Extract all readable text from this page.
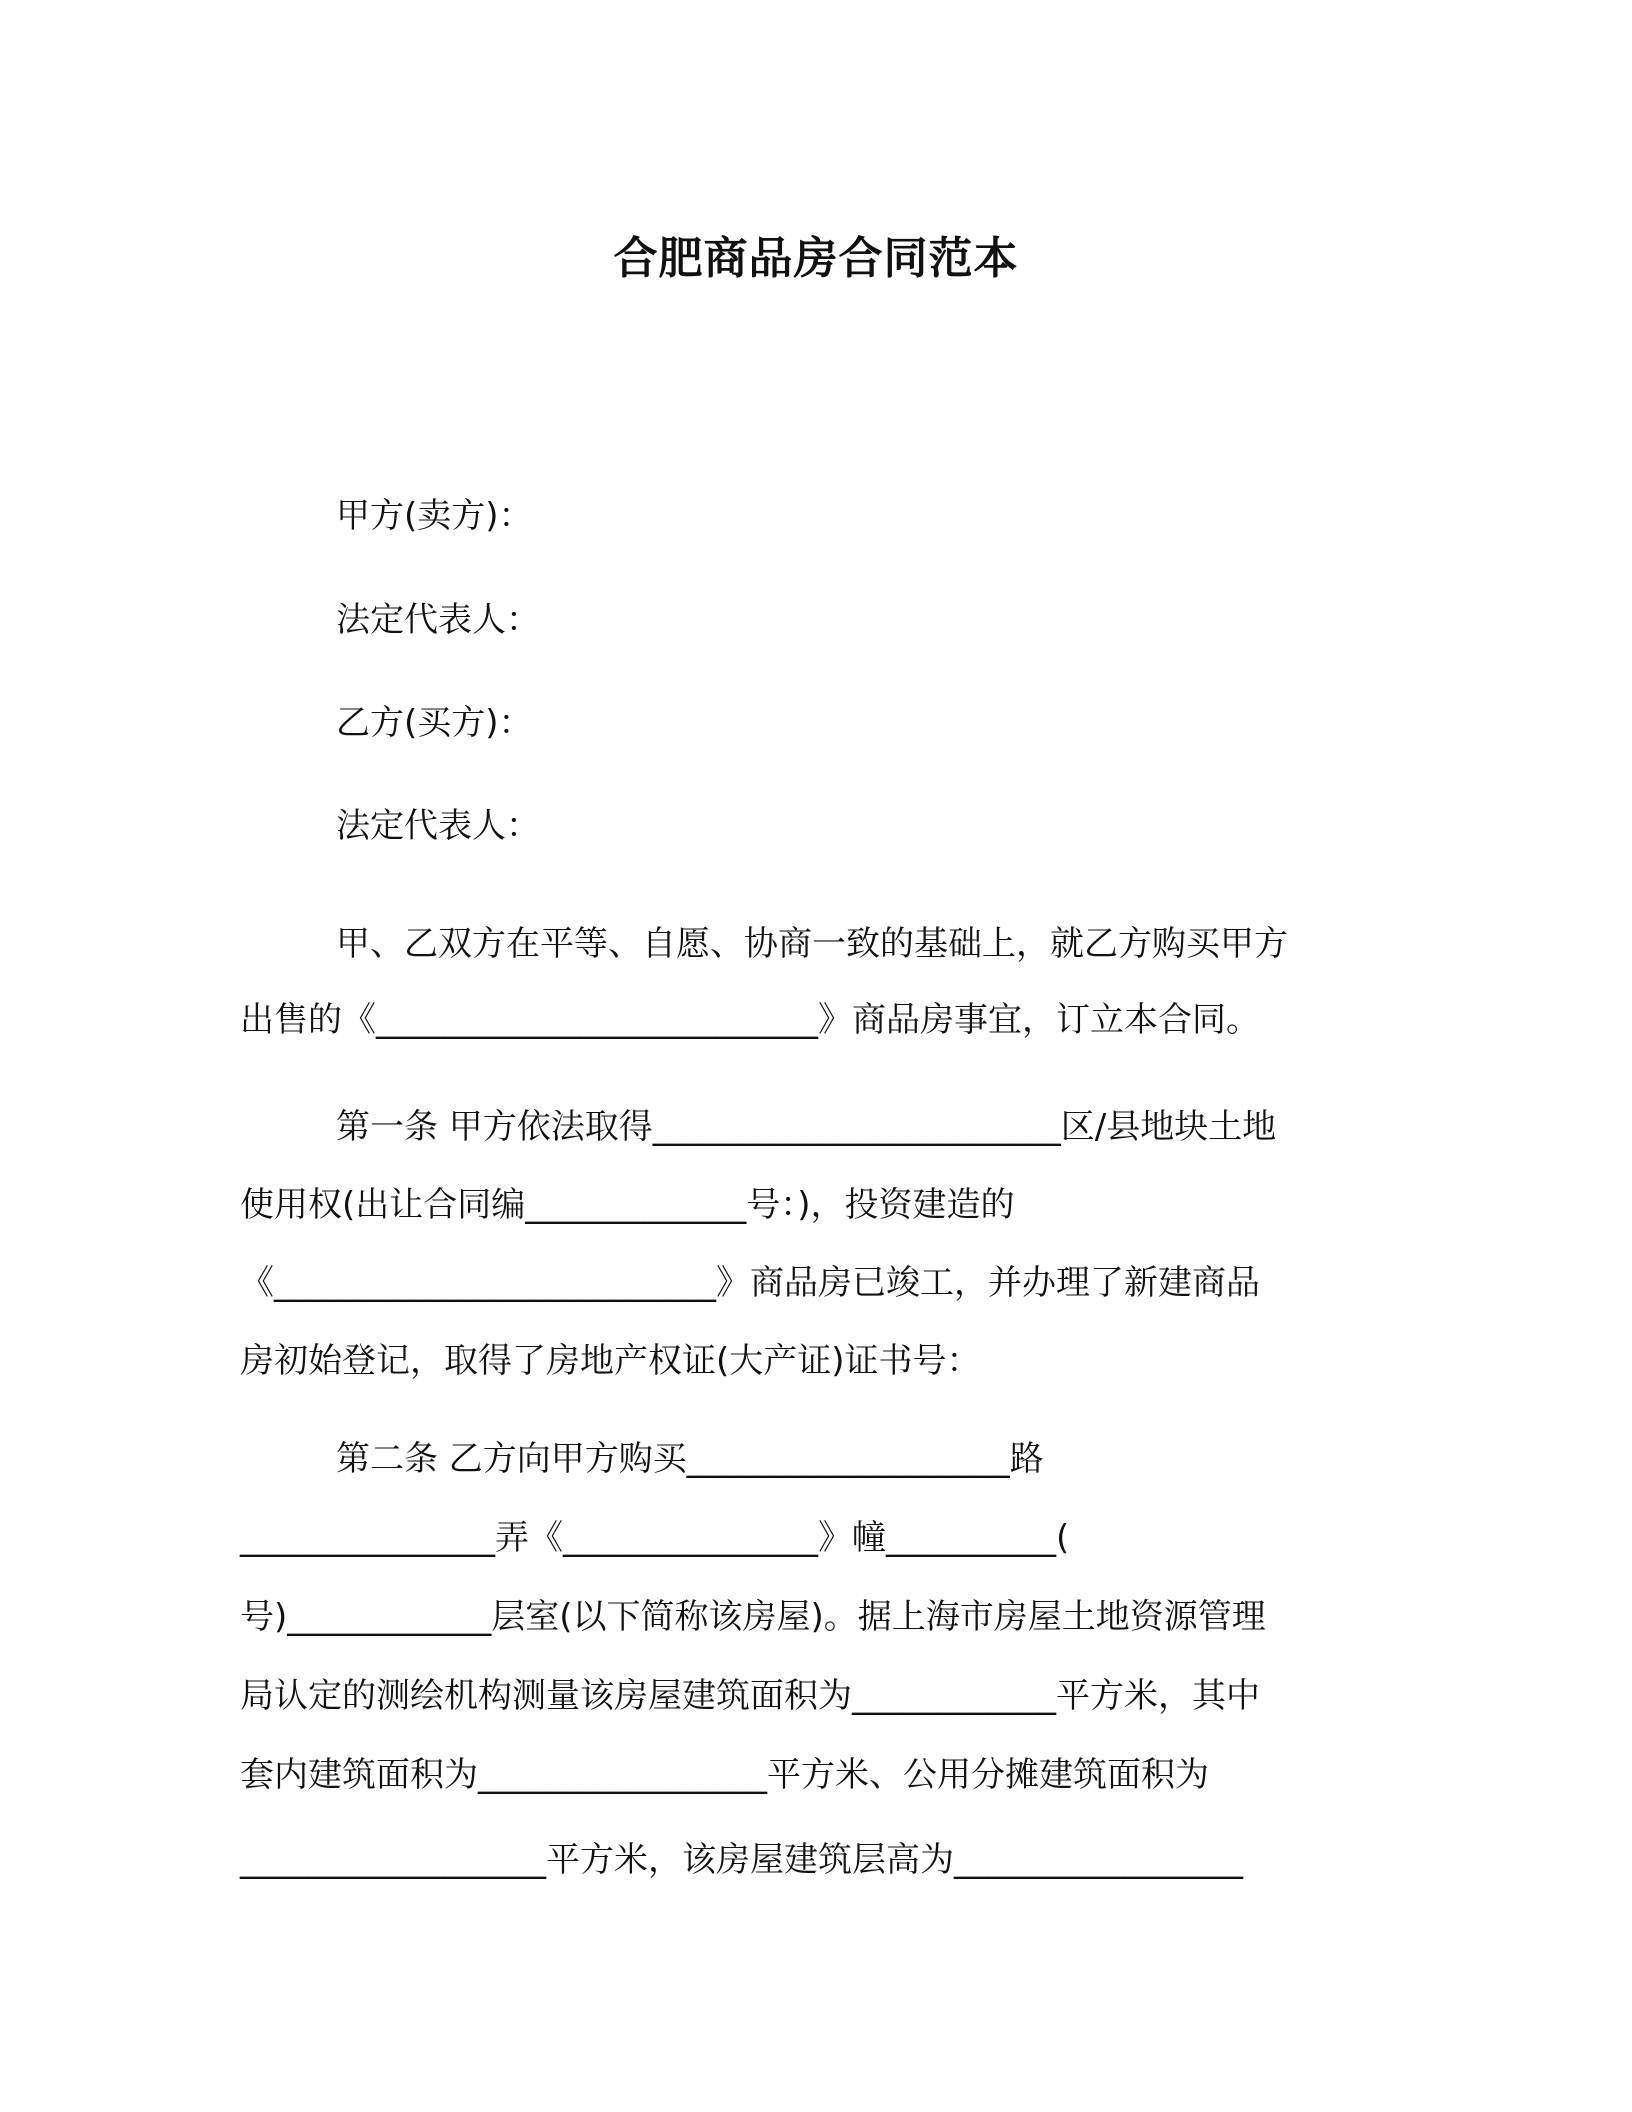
合肥商品房合同范本
甲方(卖方)：
法定代表人：
乙方(买方)：
法定代表人：
甲、乙双方在平等、自愿、协商一致的基础上，就乙方购买甲方
出售的《__________________________》商品房事宜，订立本合同。
第一条 甲方依法取得________________________区/县地块土地
使用权(出让合同编_____________号：)，投资建造的
《__________________________》商品房已竣工，并办理了新建商品
房初始登记，取得了房地产权证(大产证)证书号：
第二条 乙方向甲方购买___________________路
_______________弄《_______________》幢__________(
号)____________层室(以下简称该房屋)。据上海市房屋土地资源管理
局认定的测绘机构测量该房屋建筑面积为____________平方米，其中
套内建筑面积为_________________平方米、公用分摊建筑面积为
__________________平方米，该房屋建筑层高为_________________
